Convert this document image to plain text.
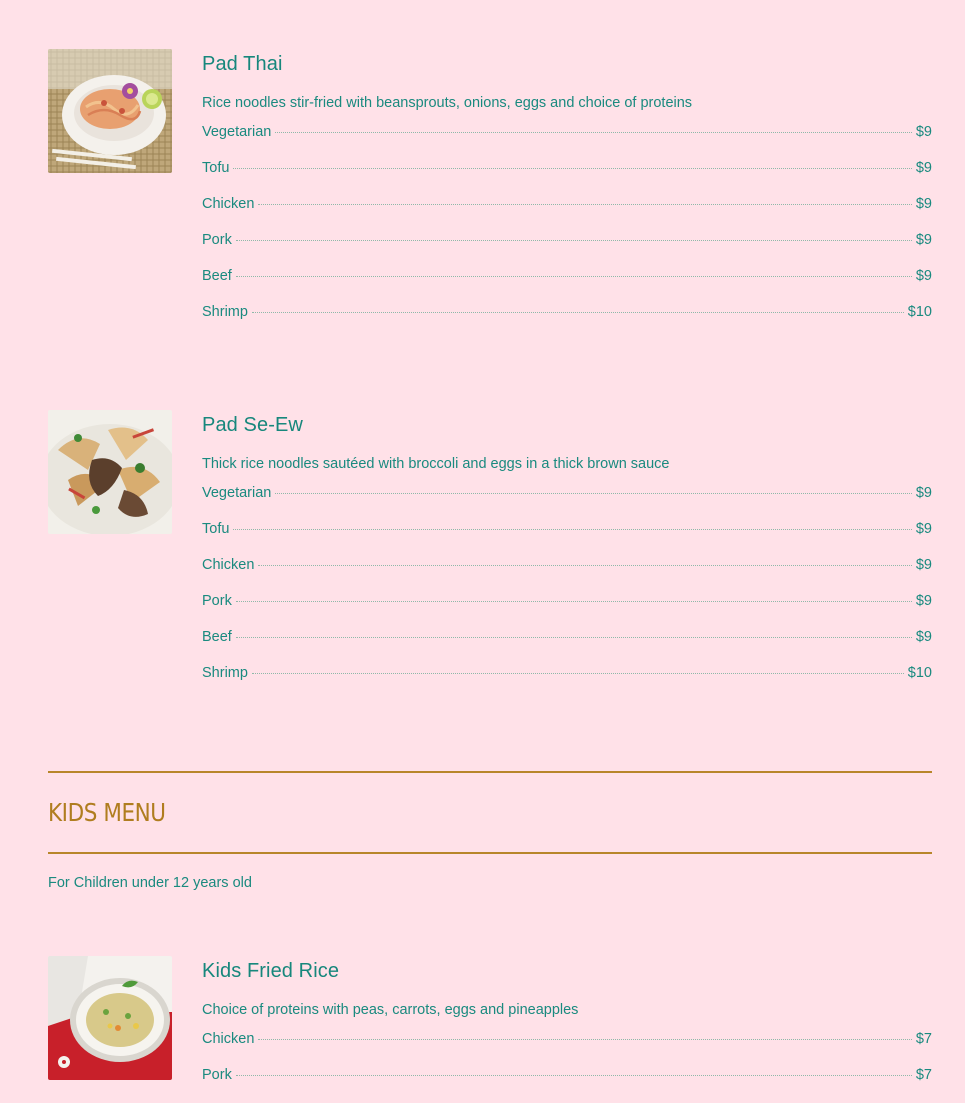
Pad Thai

Rice noodles stir-fried with beansprouts, onions, eggs and choice of proteins

Vegetarian	$9
Tofu	$9
Chicken	$9
Pork	$9
Beef	$9
Shrimp	$10
Pad Se-Ew

Thick rice noodles sautéed with broccoli and eggs in a thick brown sauce

Vegetarian	$9
Tofu	$9
Chicken	$9
Pork	$9
Beef	$9
Shrimp	$10
Kids Fried Rice

Choice of proteins with peas, carrots, eggs and pineapples

Chicken	$7
Pork	$7
KIDS MENU

For Children under 12 years old
